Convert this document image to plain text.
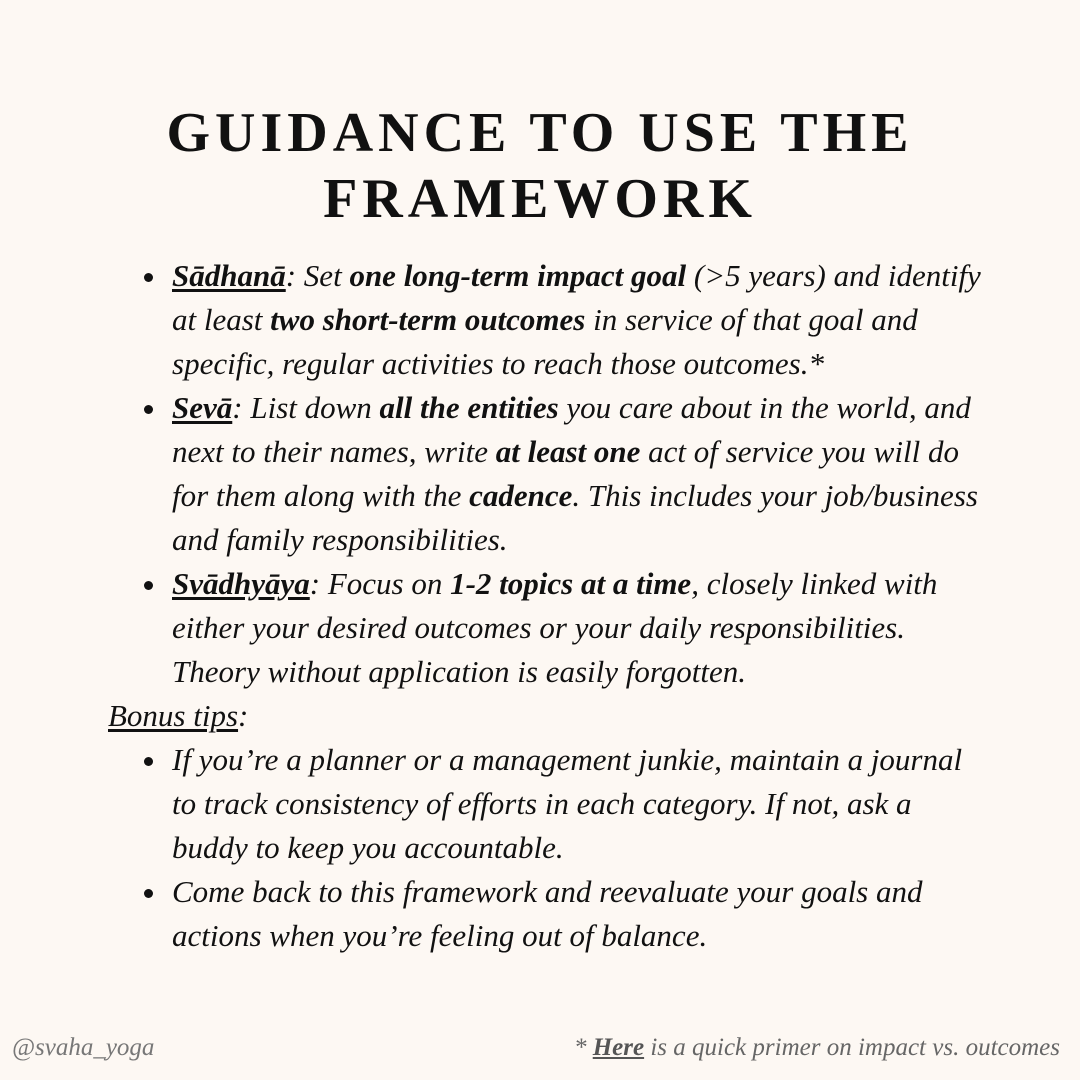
GUIDANCE TO USE THE
FRAMEWORK
Sādhanā: Set one long-term impact goal (>5 years) and identify at least two short-term outcomes in service of that goal and specific, regular activities to reach those outcomes.*
Sevā: List down all the entities you care about in the world, and next to their names, write at least one act of service you will do for them along with the cadence. This includes your job/business and family responsibilities.
Svādhyāya: Focus on 1-2 topics at a time, closely linked with either your desired outcomes or your daily responsibilities. Theory without application is easily forgotten.
Bonus tips:
If you’re a planner or a management junkie, maintain a journal to track consistency of efforts in each category. If not, ask a buddy to keep you accountable.
Come back to this framework and reevaluate your goals and actions when you’re feeling out of balance.
@svaha_yoga	* Here is a quick primer on impact vs. outcomes
